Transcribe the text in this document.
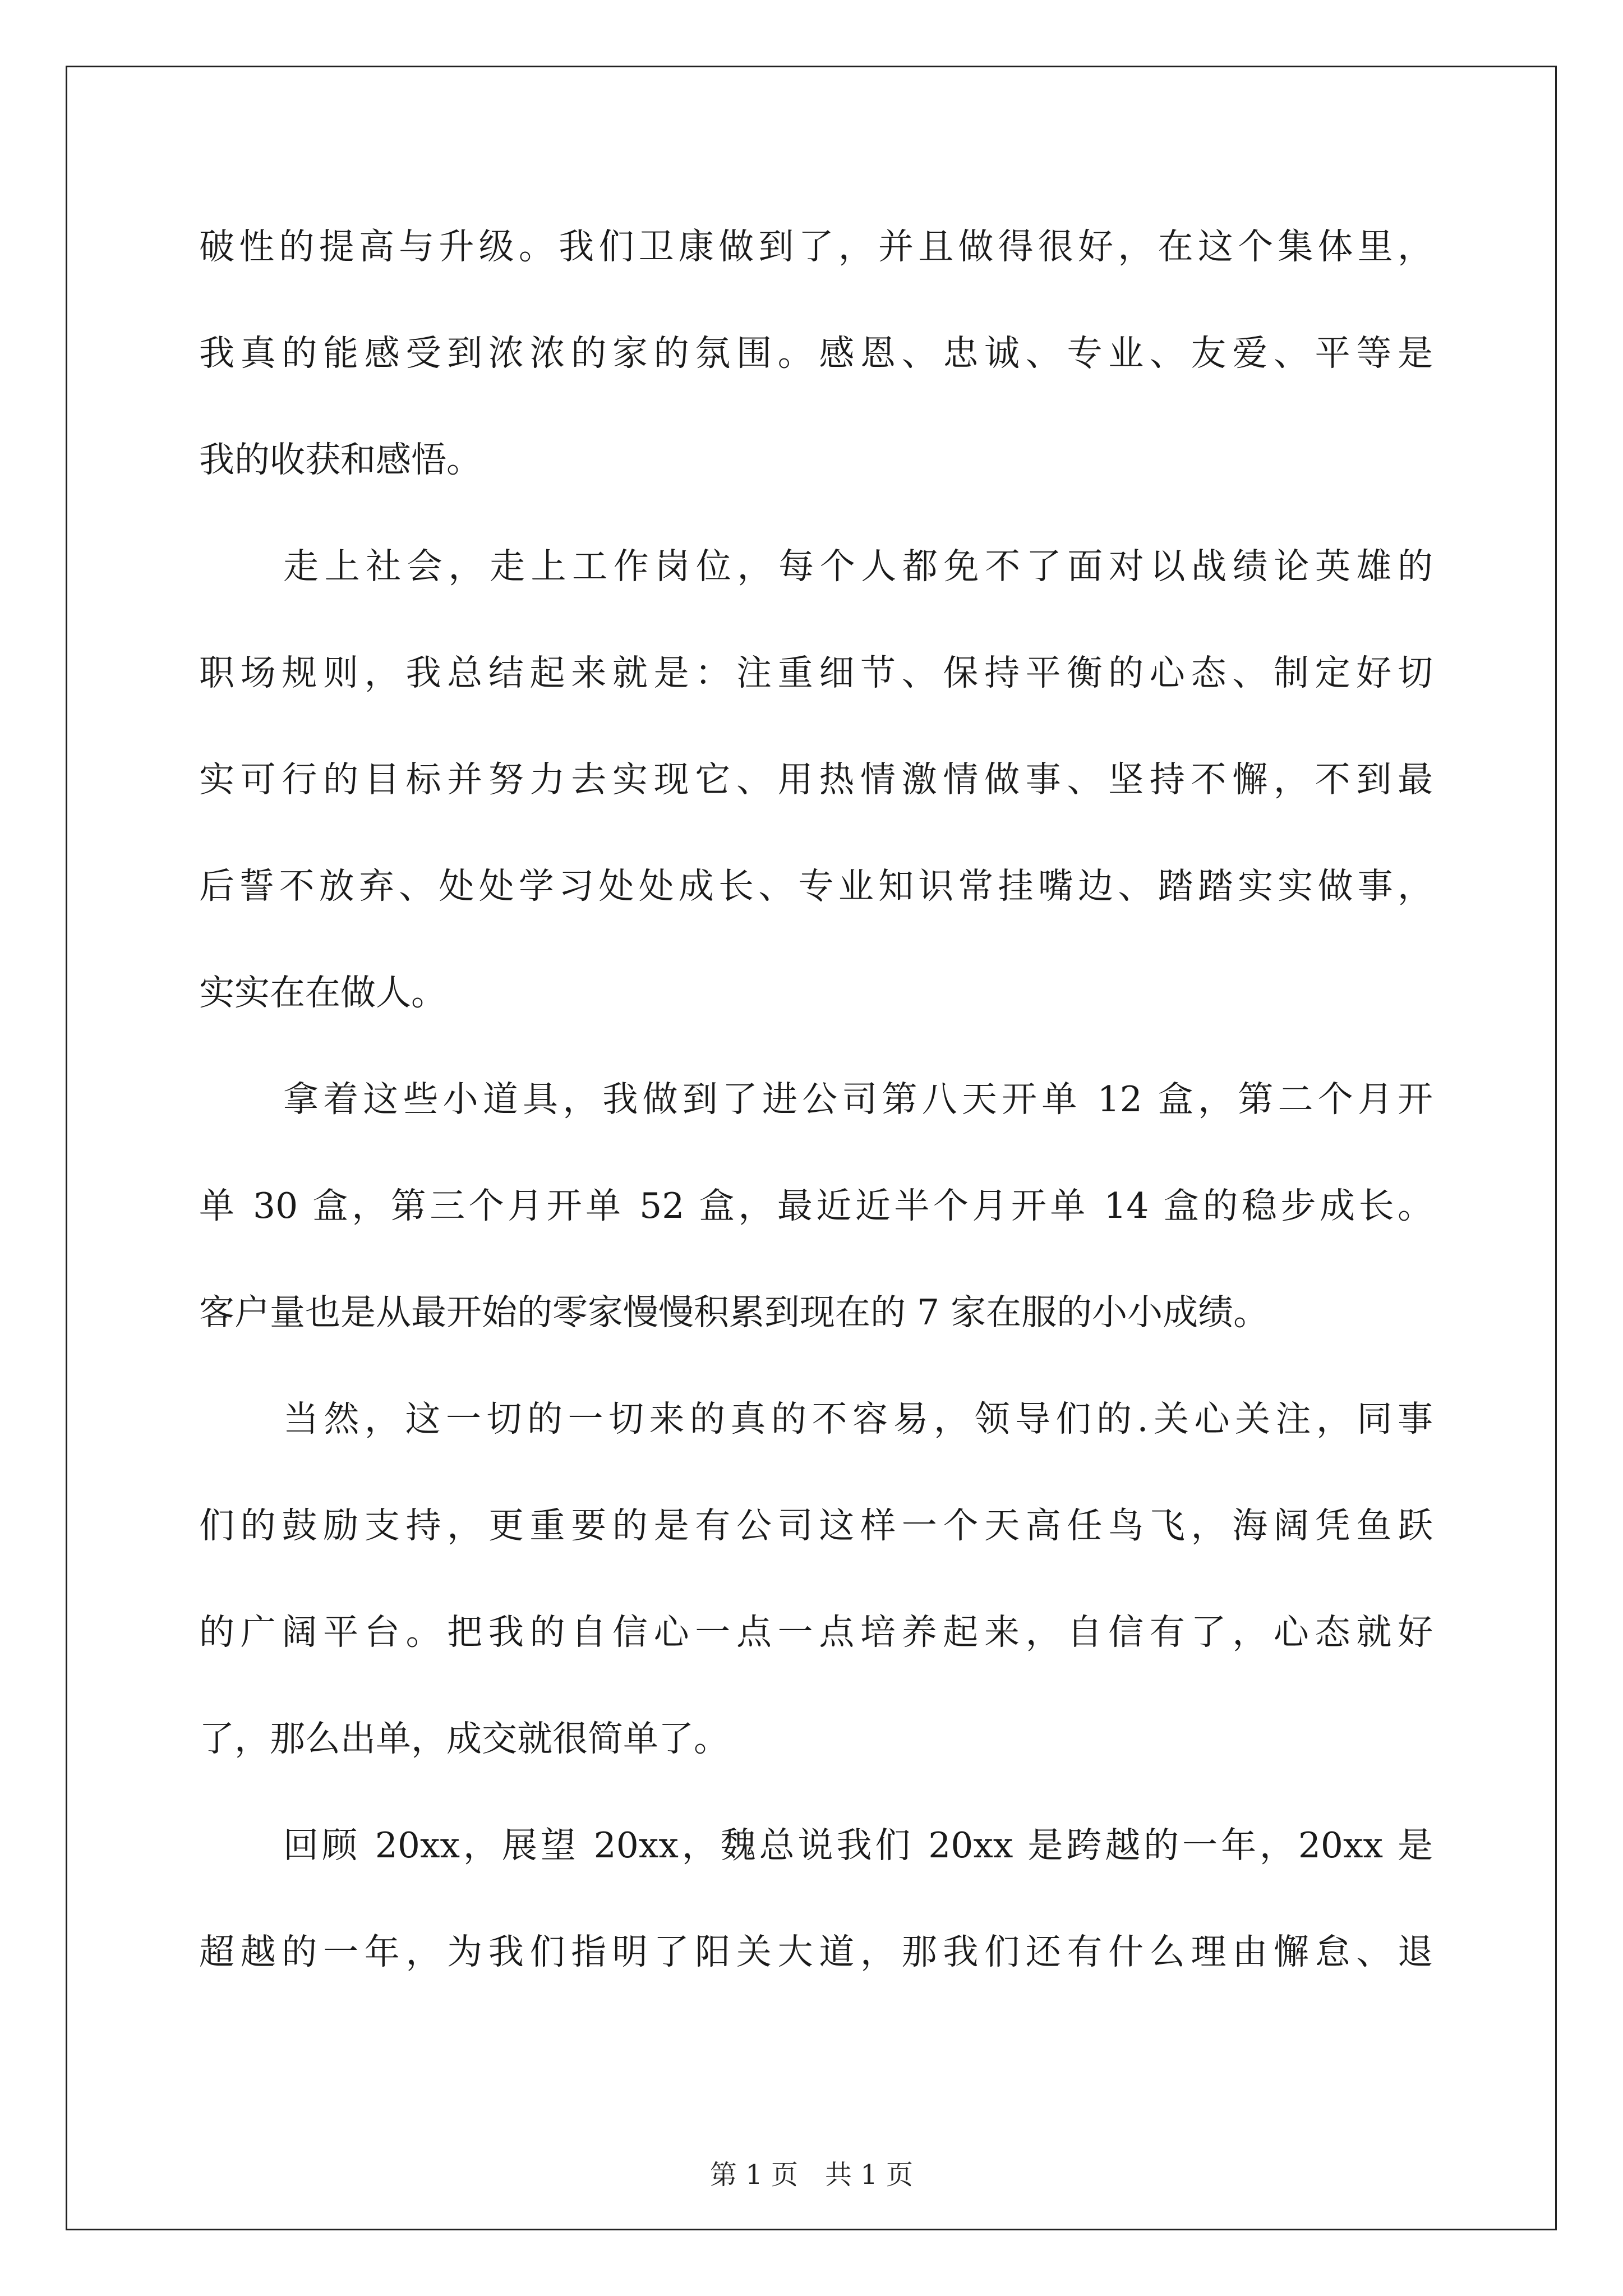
破性的提高与升级。我们卫康做到了，并且做得很好，在这个集体里，
我真的能感受到浓浓的家的氛围。感恩、忠诚、专业、友爱、平等是
我的收获和感悟。
走上社会，走上工作岗位，每个人都免不了面对以战绩论英雄的
职场规则，我总结起来就是：注重细节、保持平衡的心态、制定好切
实可行的目标并努力去实现它、用热情激情做事、坚持不懈，不到最
后誓不放弃、处处学习处处成长、专业知识常挂嘴边、踏踏实实做事，
实实在在做人。
拿着这些小道具，我做到了进公司第八天开单 12 盒，第二个月开
单 30 盒，第三个月开单 52 盒，最近近半个月开单 14 盒的稳步成长。
客户量也是从最开始的零家慢慢积累到现在的 7 家在服的小小成绩。
当然，这一切的一切来的真的不容易，领导们的.关心关注，同事
们的鼓励支持，更重要的是有公司这样一个天高任鸟飞，海阔凭鱼跃
的广阔平台。把我的自信心一点一点培养起来，自信有了，心态就好
了，那么出单，成交就很简单了。
回顾 20xx，展望 20xx，魏总说我们 20xx 是跨越的一年，20xx 是
超越的一年，为我们指明了阳关大道，那我们还有什么理由懈怠、退
第 1 页　共 1 页
